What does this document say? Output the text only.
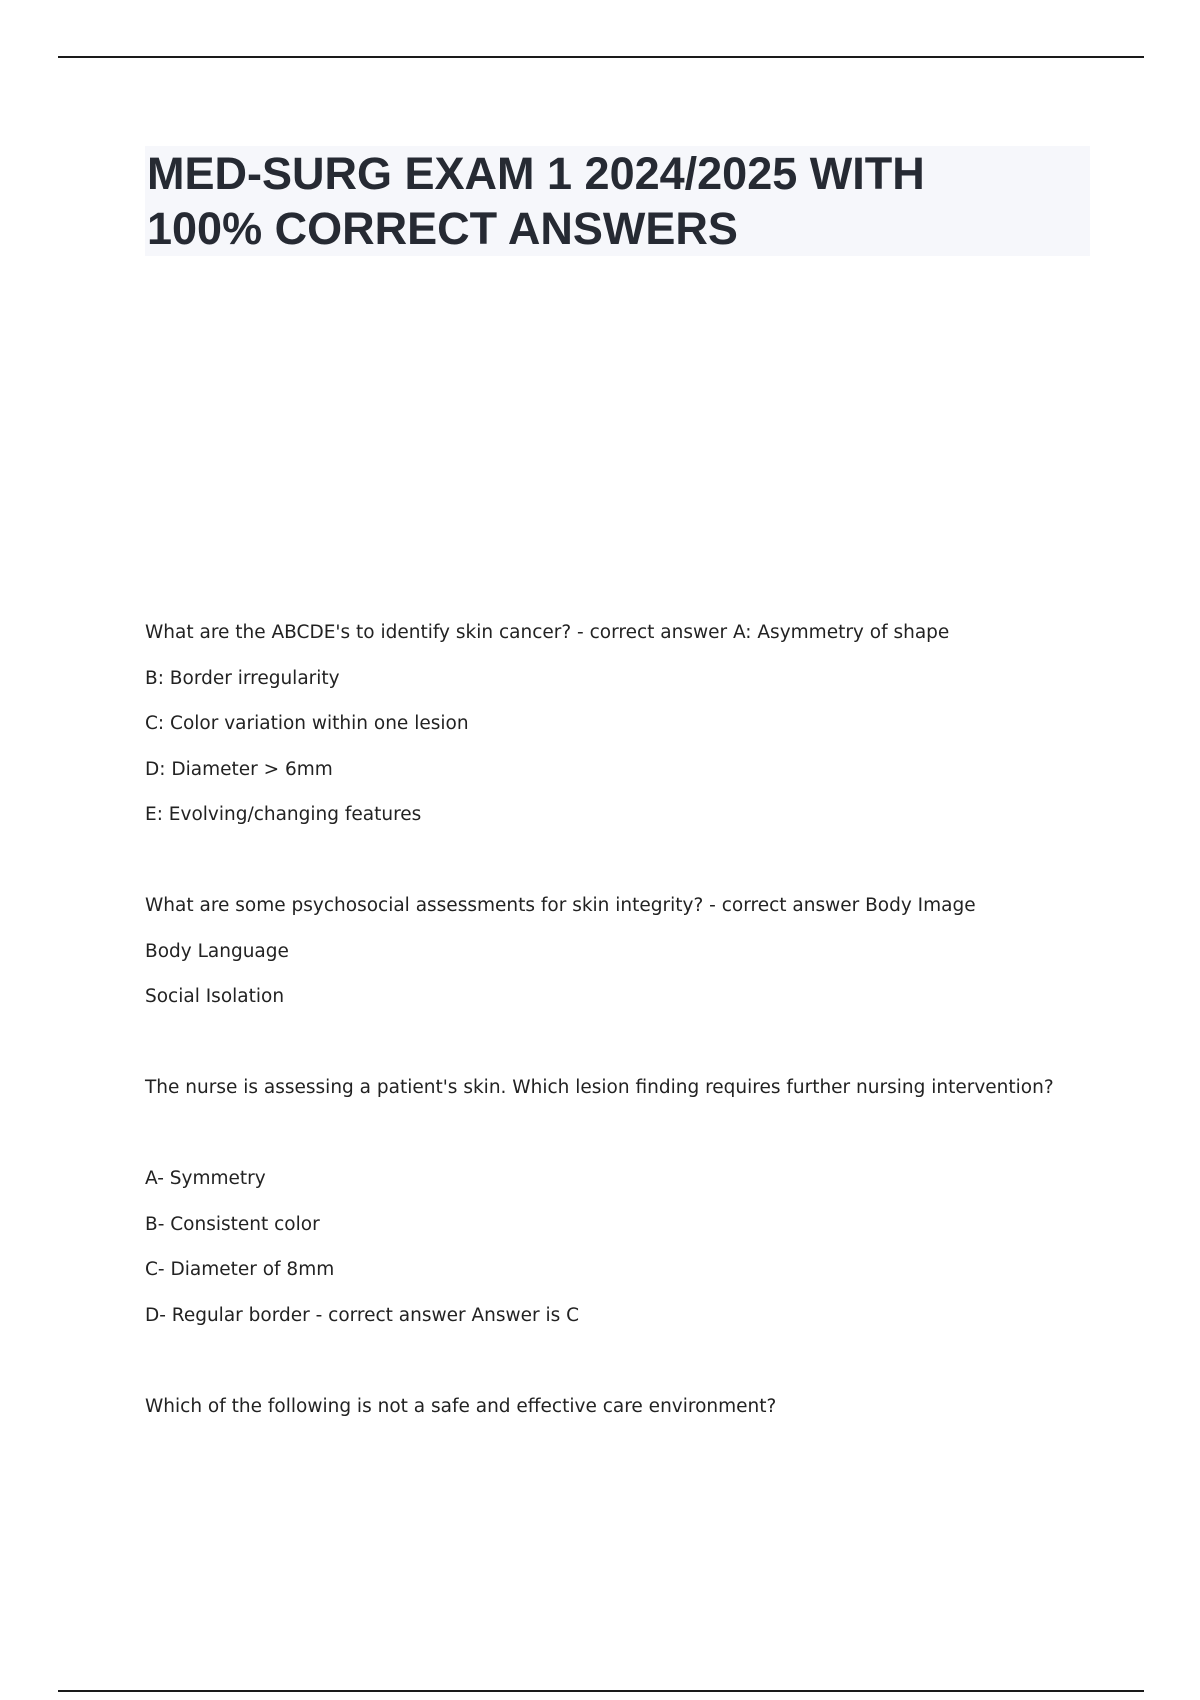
MED-SURG EXAM 1 2024/2025 WITH
100% CORRECT ANSWERS
What are the ABCDE's to identify skin cancer? - correct answer A: Asymmetry of shape
B: Border irregularity
C: Color variation within one lesion
D: Diameter > 6mm
E: Evolving/changing features
What are some psychosocial assessments for skin integrity? - correct answer Body Image
Body Language
Social Isolation
The nurse is assessing a patient's skin. Which lesion finding requires further nursing intervention?
A- Symmetry
B- Consistent color
C- Diameter of 8mm
D- Regular border - correct answer Answer is C
Which of the following is not a safe and effective care environment?
